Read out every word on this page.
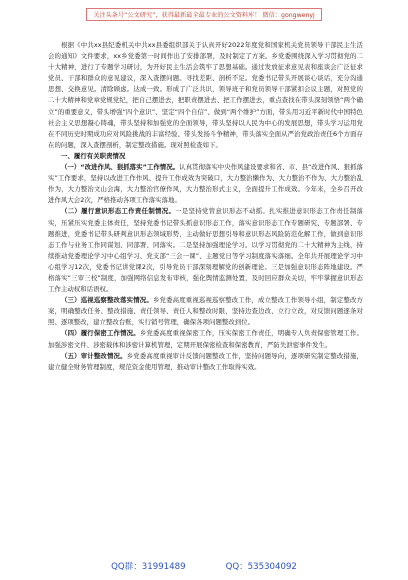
关注头条号“公文研究”，获得最新最全最专业的公文资料库！ 微信：gongwenyj

根据《中共xx县纪委机关中共xx县委组织部关于认真开好2022年度党和国家机关党员领导干部民主生活会的通知》文件要求，xx乡党委第一时间作出了安排部署，及时制定了方案。乡党委围绕深入学习贯彻党的二十大精神，进行了专题学习研讨，为开好民主生活会筑牢了思想基础。通过发放征求意见表和座谈会广泛征求党员、干部和群众的意见建议，深入查摆问题。寻找差距、剖析不足。党委书记带头开展谈心谈话，充分沟通思想、交换意见。清除顾虑。达成一致。形成了广泛共识，领导班子和党员领导干部紧扣会议主题，对照党的二十大精神和党章党规党纪，把自己摆进去，把职责摆进去、把工作摆进去，重点查找在带头深刻领悟“两个确立”的重要意义，带头增强“四个意识”、坚定“四个自信”、做到“两个维护”方面，带头用习近平新时代中国特色社会主义思想凝心铸魂，带头坚持和加强党的全面领导，带头坚持以人民为中心的发展思想，带头学习运用党在不同历史时期成功应对风险挑战的丰富经验、带头发扬斗争精神，带头落实全面从严治党政治责任6个方面存在的问题，深入查摆剖析，制定整改措施。现对照检查如下。

一、履行有关职责情况

（一）“改进作风、狠抓落实”工作情况。认真贯彻落实中央作风建设要求和省、市、县“改进作风、狠抓落实”工作要求，坚持以改进工作作风、提升工作成效为突破口，大力整治懒作为、大力整治不作为、大力整治乱作为，大力整治文山会海，大力整治官僚作风，大力整治形式主义，全面提升工作成效。今年来，全乡召开改进作风大会2次，严格推动各项工作落实落地。

（二）履行意识形态工作责任制情况。一是坚持党管意识形态不动摇。扎实推进意识形态工作责任制落实，压紧压实党委主体责任，坚持党委书记带头抓意识形态工作，落实意识形态工作专题研究、专题部署、专题推进，党委书记带头研判意识形态领域形势，主动做好思想引导和意识形态风险防范化解工作，做到意识形态工作与业务工作同谋划、同部署、同落实。二是坚持加强理论学习。以学习贯彻党的二十大精神为主线，持续推动党委理论学习中心组学习、党支部“三会一课”、主题党日等学习制度落实落细。全年共开展理论学习中心组学习12次，党委书记讲党课2次，引导党员干部深刻理解党的创新理论。三是加强意识形态阵地建设。严格落实“三审三校”制度，加强网络信息发布审核，强化舆情监测处置，及时回应群众关切，牢牢掌握意识形态工作主动权和话语权。

（三）巡视巡察整改落实情况。乡党委高度重视巡视巡察整改工作，成立整改工作领导小组，制定整改方案，明确整改任务、整改措施、责任领导、责任人和整改时限，坚持边查边改、立行立改，对反馈问题逐条对照、逐项整改，建立整改台账，实行销号管理，确保各项问题整改到位。

（四）履行保密工作情况。乡党委高度重视保密工作，压实保密工作责任，明确专人负责保密管理工作。加强涉密文件、涉密载体和涉密计算机管理，定期开展保密检查和保密教育，严防失泄密事件发生。

（五）审计整改情况。乡党委高度重视审计反馈问题整改工作，坚持问题导向，逐项研究制定整改措施，建立健全财务管理制度，规范资金使用管理，推动审计整改工作取得实效。

QQ群：31991489	QQ：535304092
